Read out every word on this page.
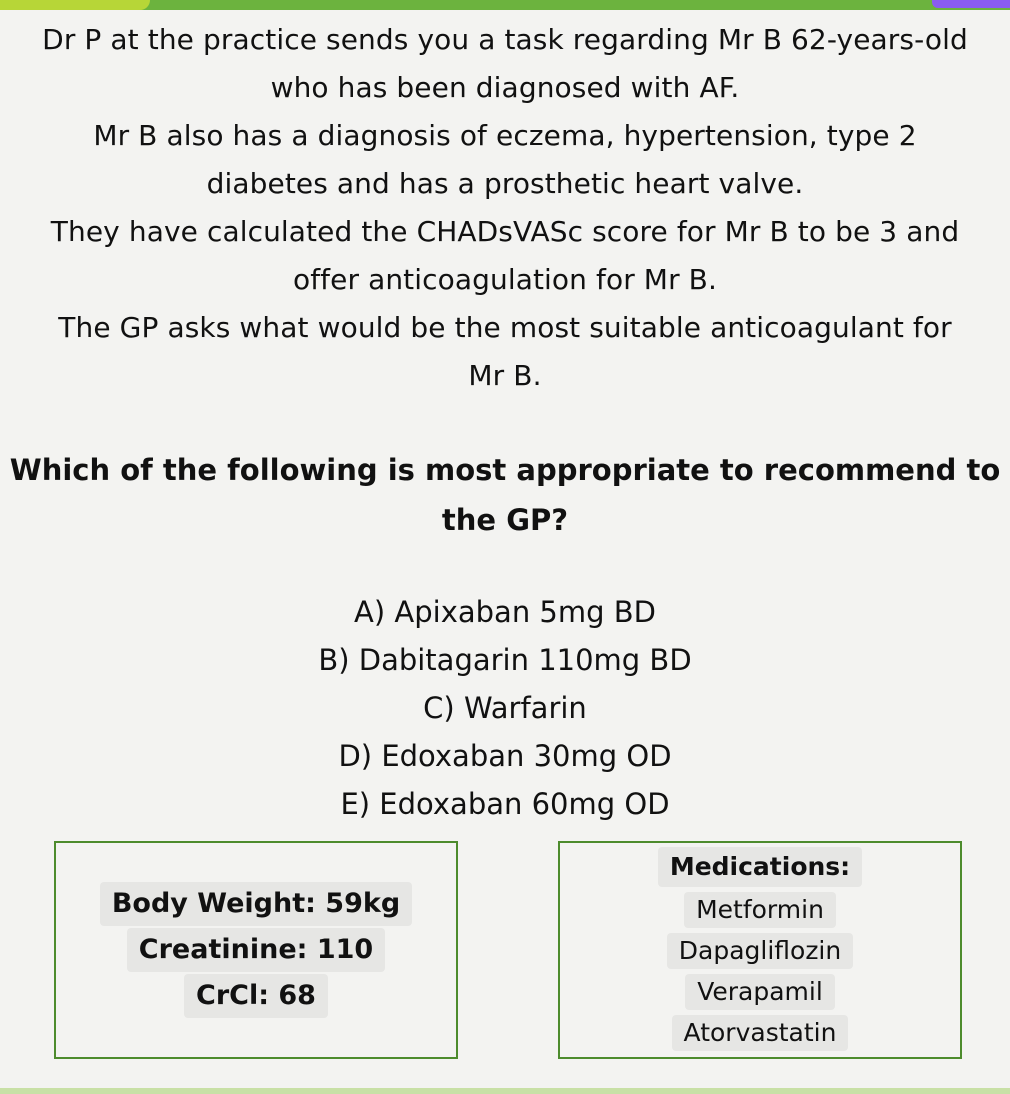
Dr P at the practice sends you a task regarding Mr B 62-years-old

who has been diagnosed with AF.

Mr B also has a diagnosis of eczema, hypertension, type 2

diabetes and has a prosthetic heart valve.

They have calculated the CHADsVASc score for Mr B to be 3 and

offer anticoagulation for Mr B.

The GP asks what would be the most suitable anticoagulant for

Mr B.

Which of the following is most appropriate to recommend to
the GP?
A) Apixaban 5mg BD
B) Dabitagarin 110mg BD
C) Warfarin
D) Edoxaban 30mg OD
E) Edoxaban 60mg OD
Body Weight: 59kg
Creatinine: 110
CrCl: 68
Medications:
Metformin
Dapagliflozin
Verapamil
Atorvastatin
